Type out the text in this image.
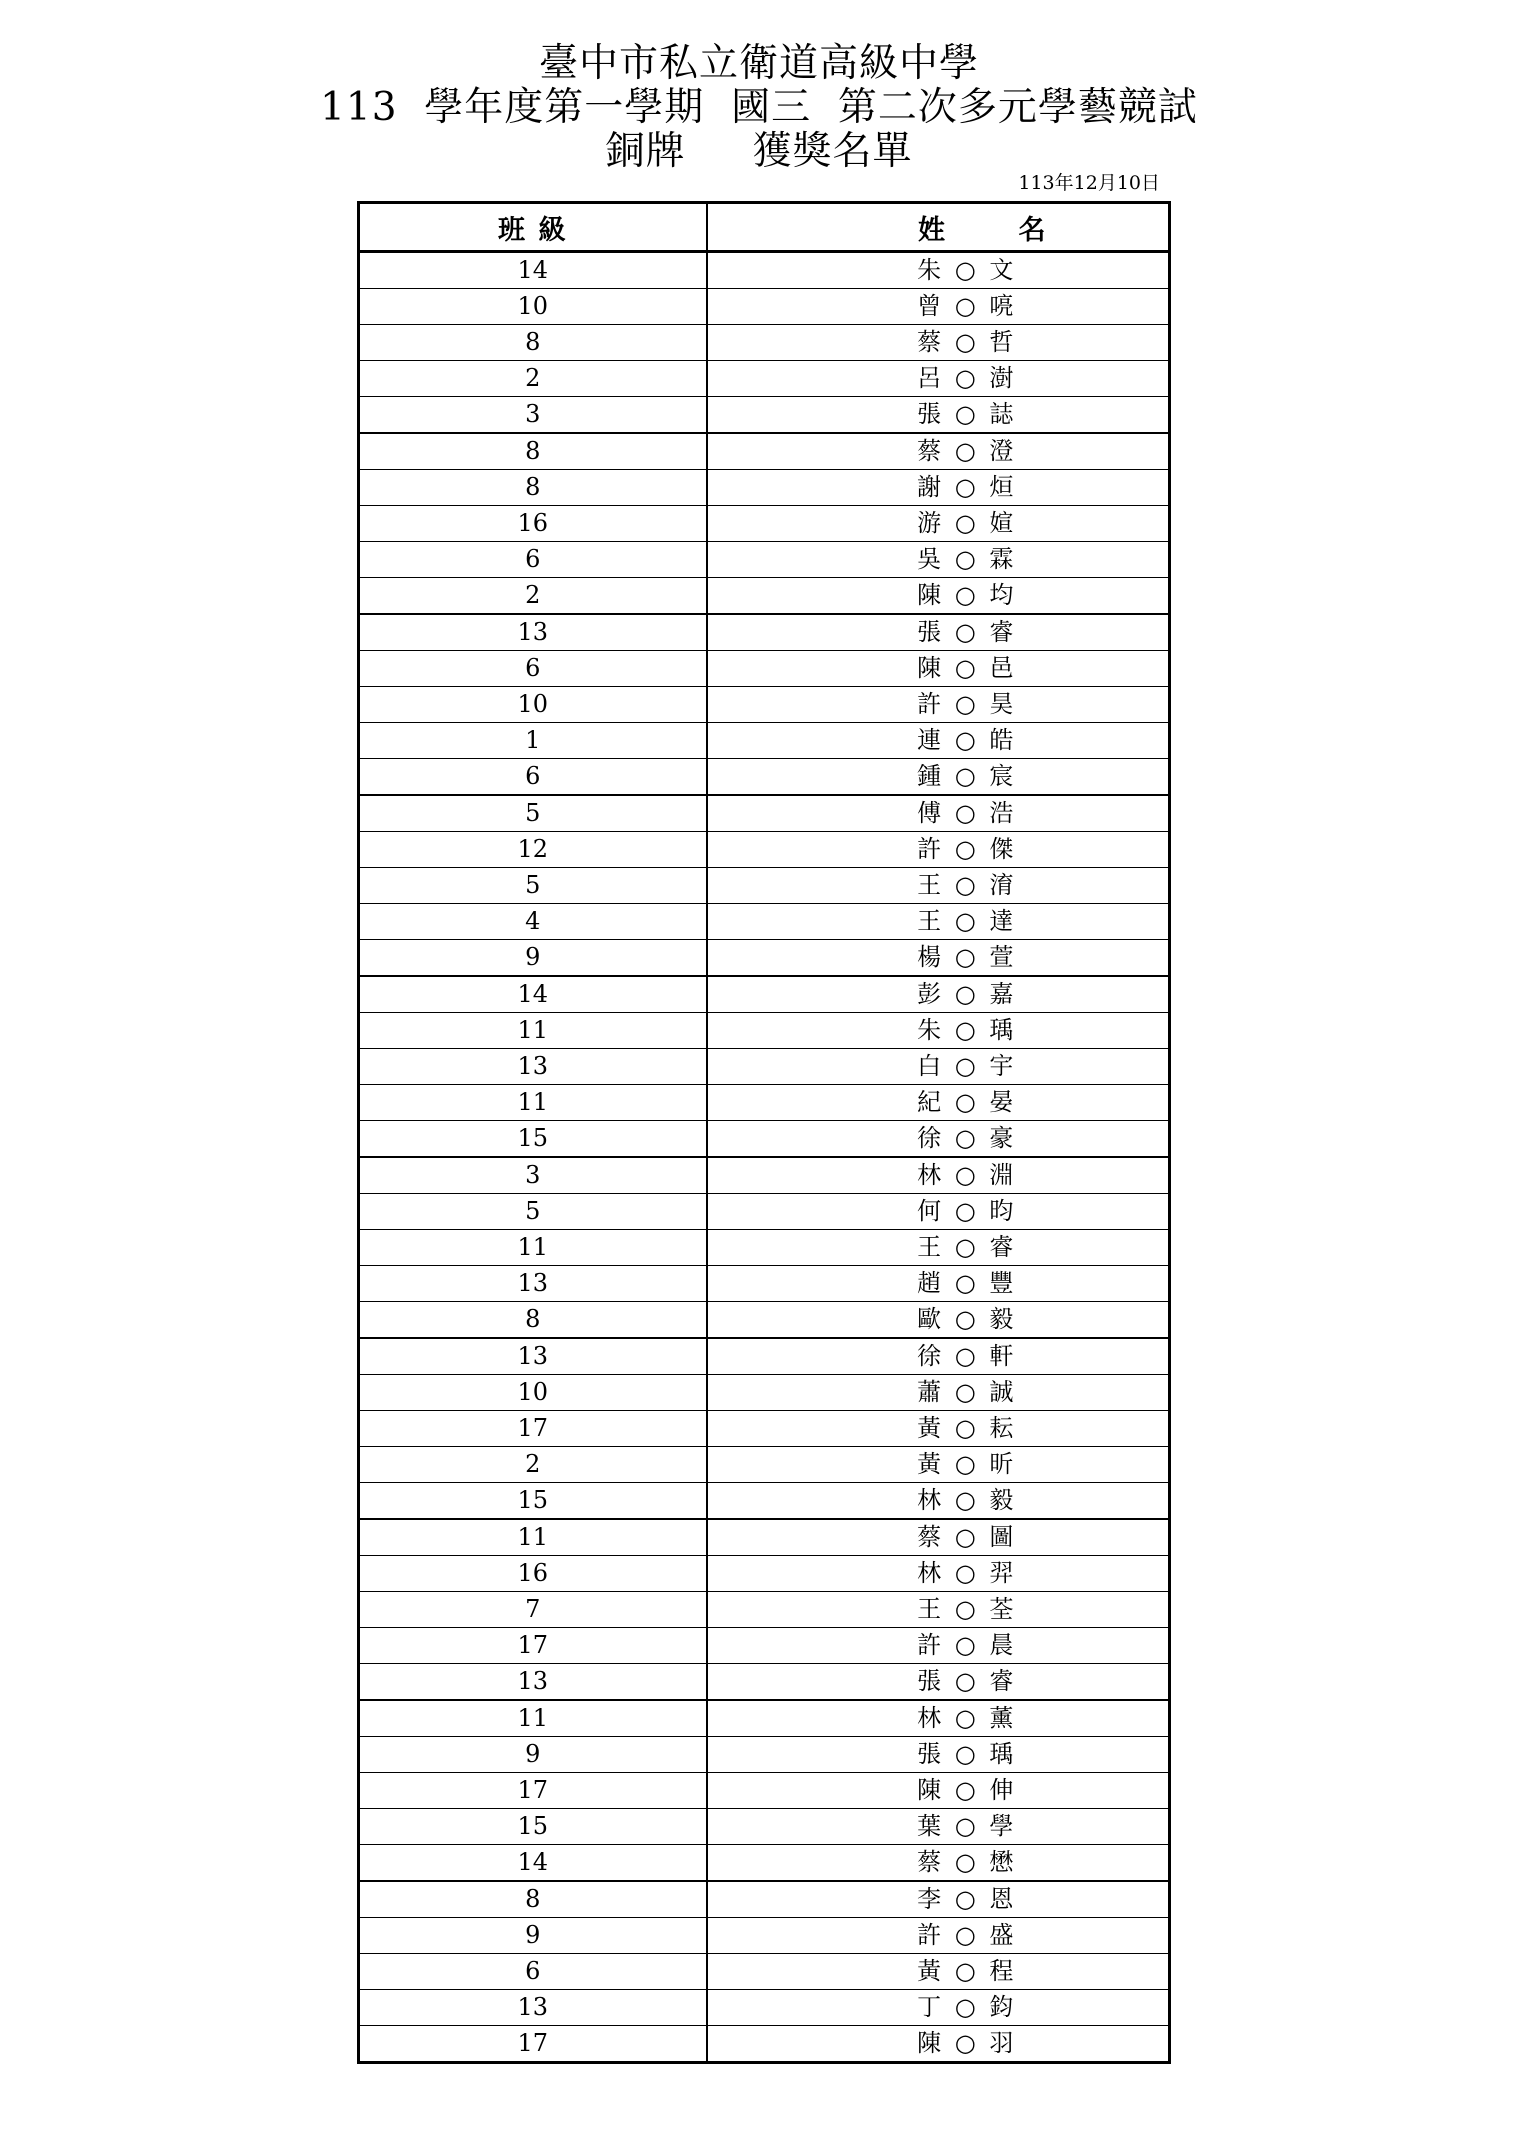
臺中市私立衛道高級中學
113  學年度第一學期  國三  第二次多元學藝競試
銅牌     獲獎名單
113年12月10日
班 級	姓 名
14	朱 ○ 文
10	曾 ○ 喨
8	蔡 ○ 哲
2	呂 ○ 澍
3	張 ○ 誌
8	蔡 ○ 澄
8	謝 ○ 烜
16	游 ○ 媗
6	吳 ○ 霖
2	陳 ○ 均
13	張 ○ 睿
6	陳 ○ 邑
10	許 ○ 昊
1	連 ○ 皓
6	鍾 ○ 宸
5	傅 ○ 浩
12	許 ○ 傑
5	王 ○ 淯
4	王 ○ 達
9	楊 ○ 萱
14	彭 ○ 嘉
11	朱 ○ 瑀
13	白 ○ 宇
11	紀 ○ 晏
15	徐 ○ 豪
3	林 ○ 淵
5	何 ○ 昀
11	王 ○ 睿
13	趙 ○ 豐
8	歐 ○ 毅
13	徐 ○ 軒
10	蕭 ○ 誠
17	黃 ○ 耘
2	黃 ○ 昕
15	林 ○ 毅
11	蔡 ○ 圖
16	林 ○ 羿
7	王 ○ 荃
17	許 ○ 晨
13	張 ○ 睿
11	林 ○ 薰
9	張 ○ 瑀
17	陳 ○ 伸
15	葉 ○ 學
14	蔡 ○ 懋
8	李 ○ 恩
9	許 ○ 盛
6	黃 ○ 程
13	丁 ○ 鈞
17	陳 ○ 羽
